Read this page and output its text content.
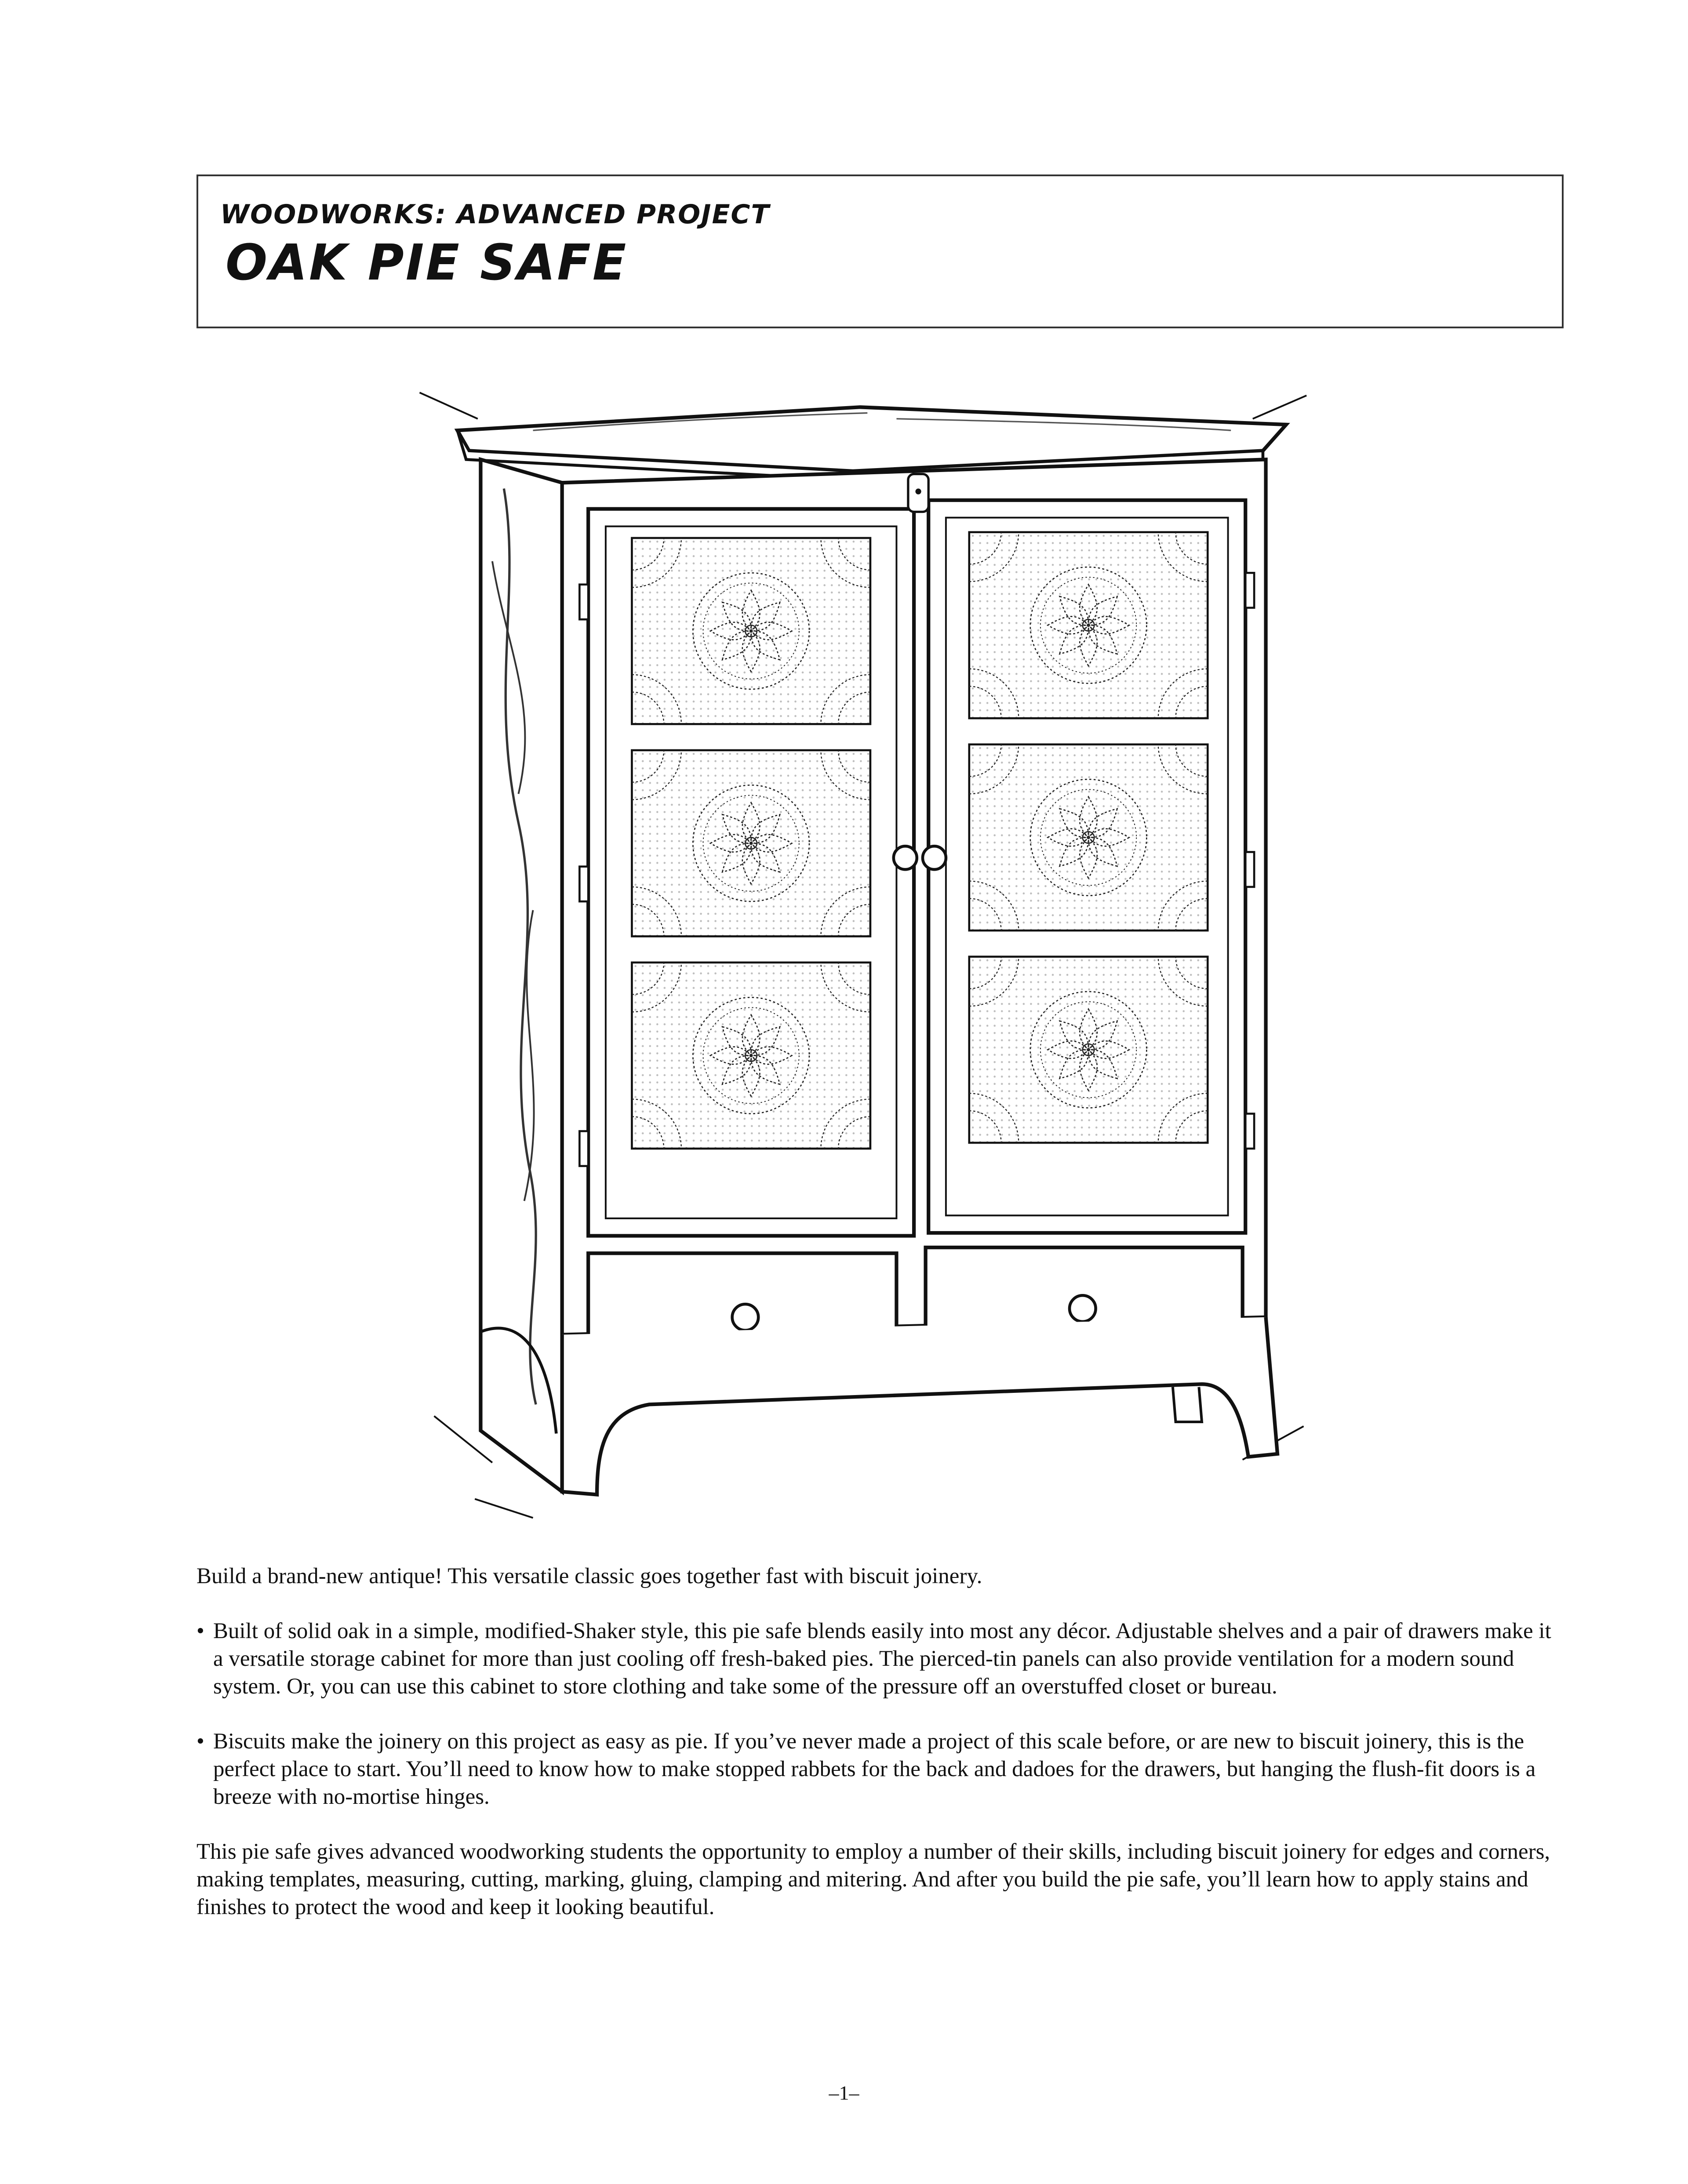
WOODWORKS: ADVANCED PROJECT
OAK PIE SAFE

Build a brand-new antique! This versatile classic goes together fast with biscuit joinery.

• Built of solid oak in a simple, modified-Shaker style, this pie safe blends easily into most any décor. Adjustable shelves and a pair of drawers make it a versatile storage cabinet for more than just cooling off fresh-baked pies. The pierced-tin panels can also provide ventilation for a modern sound system. Or, you can use this cabinet to store clothing and take some of the pressure off an overstuffed closet or bureau.
• Biscuits make the joinery on this project as easy as pie. If you’ve never made a project of this scale before, or are new to biscuit joinery, this is the perfect place to start. You’ll need to know how to make stopped rabbets for the back and dadoes for the drawers, but hanging the flush-fit doors is a breeze with no-mortise hinges.

This pie safe gives advanced woodworking students the opportunity to employ a number of their skills, including biscuit joinery for edges and corners, making templates, measuring, cutting, marking, gluing, clamping and mitering. And after you build the pie safe, you’ll learn how to apply stains and finishes to protect the wood and keep it looking beautiful.

–1–
